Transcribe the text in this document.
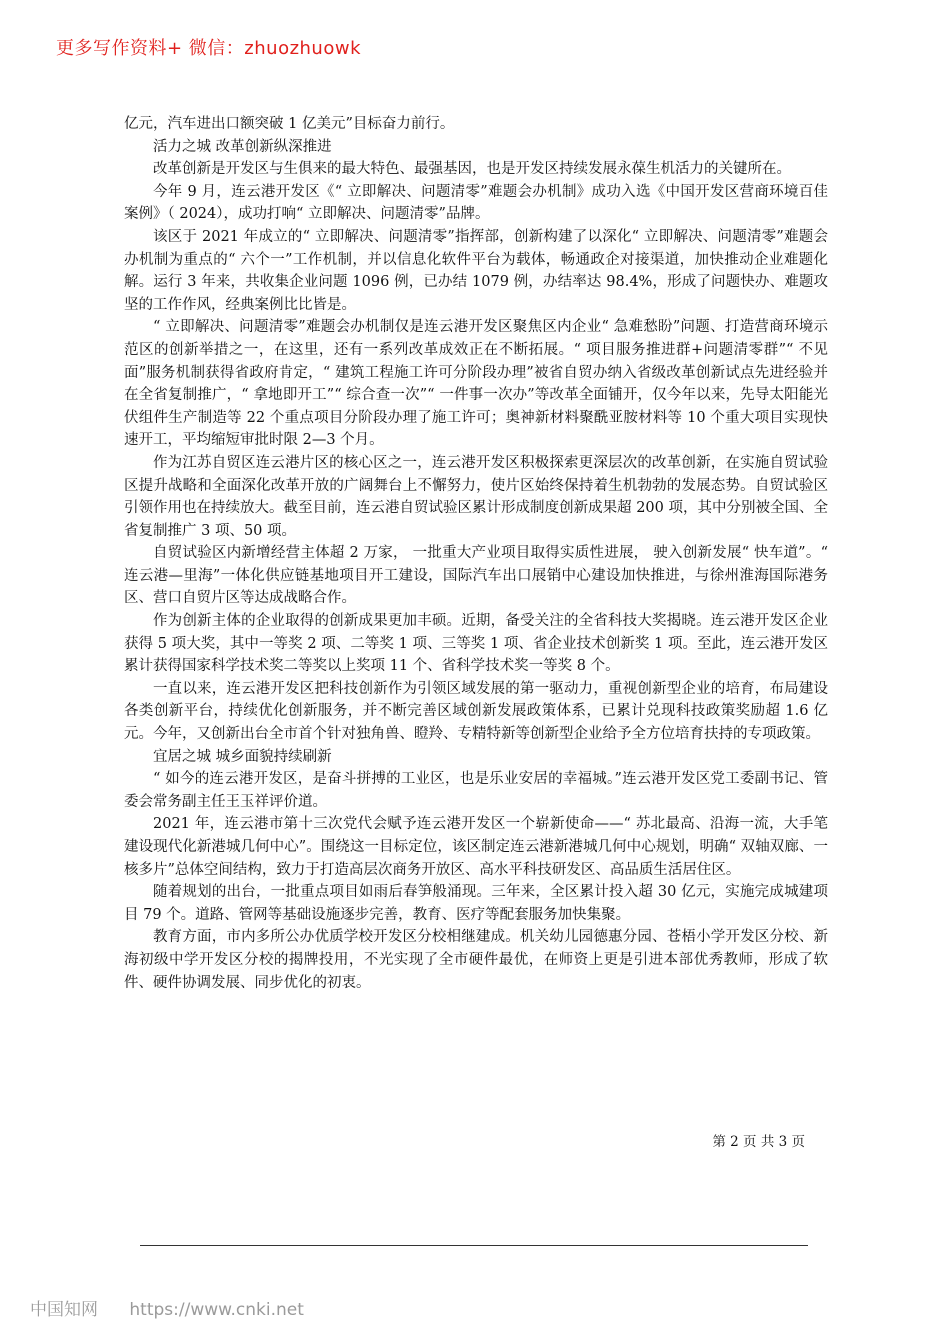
更多写作资料+ 微信：zhuozhuowk

亿元，汽车进出口额突破 1 亿美元”目标奋力前行。

活力之城 改革创新纵深推进

改革创新是开发区与生俱来的最大特色、最强基因，也是开发区持续发展永葆生机活力的关键所在。

今年 9 月，连云港开发区《“ 立即解决、问题清零”难题会办机制》成功入选《中国开发区营商环境百佳案例》（ 2024），成功打响“ 立即解决、问题清零”品牌。

该区于 2021 年成立的“ 立即解决、问题清零”指挥部，创新构建了以深化“ 立即解决、问题清零”难题会办机制为重点的“ 六个一”工作机制，并以信息化软件平台为载体，畅通政企对接渠道，加快推动企业难题化解。运行 3 年来，共收集企业问题 1096 例，已办结 1079 例，办结率达 98.4%，形成了问题快办、难题攻坚的工作作风，经典案例比比皆是。

“ 立即解决、问题清零”难题会办机制仅是连云港开发区聚焦区内企业“ 急难愁盼”问题、打造营商环境示范区的创新举措之一，在这里，还有一系列改革成效正在不断拓展。“ 项目服务推进群+问题清零群”“ 不见面”服务机制获得省政府肯定，“ 建筑工程施工许可分阶段办理”被省自贸办纳入省级改革创新试点先进经验并在全省复制推广，“ 拿地即开工”“ 综合查一次”“ 一件事一次办”等改革全面铺开，仅今年以来，先导太阳能光伏组件生产制造等 22 个重点项目分阶段办理了施工许可；奥神新材料聚酰亚胺材料等 10 个重大项目实现快速开工，平均缩短审批时限 2—3 个月。

作为江苏自贸区连云港片区的核心区之一，连云港开发区积极探索更深层次的改革创新，在实施自贸试验区提升战略和全面深化改革开放的广阔舞台上不懈努力，使片区始终保持着生机勃勃的发展态势。自贸试验区引领作用也在持续放大。截至目前，连云港自贸试验区累计形成制度创新成果超 200 项，其中分别被全国、全省复制推广 3 项、50 项。

自贸试验区内新增经营主体超 2 万家， 一批重大产业项目取得实质性进展， 驶入创新发展“ 快车道”。“ 连云港—里海”一体化供应链基地项目开工建设，国际汽车出口展销中心建设加快推进，与徐州淮海国际港务区、营口自贸片区等达成战略合作。

作为创新主体的企业取得的创新成果更加丰硕。近期，备受关注的全省科技大奖揭晓。连云港开发区企业获得 5 项大奖，其中一等奖 2 项、二等奖 1 项、三等奖 1 项、省企业技术创新奖 1 项。至此，连云港开发区累计获得国家科学技术奖二等奖以上奖项 11 个、省科学技术奖一等奖 8 个。

一直以来，连云港开发区把科技创新作为引领区域发展的第一驱动力，重视创新型企业的培育，布局建设各类创新平台，持续优化创新服务，并不断完善区域创新发展政策体系，已累计兑现科技政策奖励超 1.6 亿元。今年，又创新出台全市首个针对独角兽、瞪羚、专精特新等创新型企业给予全方位培育扶持的专项政策。

宜居之城 城乡面貌持续刷新

“ 如今的连云港开发区，是奋斗拼搏的工业区，也是乐业安居的幸福城。”连云港开发区党工委副书记、管委会常务副主任王玉祥评价道。

2021 年，连云港市第十三次党代会赋予连云港开发区一个崭新使命——“ 苏北最高、沿海一流，大手笔建设现代化新港城几何中心”。围绕这一目标定位，该区制定连云港新港城几何中心规划，明确“ 双轴双廊、一核多片”总体空间结构，致力于打造高层次商务开放区、高水平科技研发区、高品质生活居住区。

随着规划的出台，一批重点项目如雨后春笋般涌现。三年来，全区累计投入超 30 亿元，实施完成城建项目 79 个。道路、管网等基础设施逐步完善，教育、医疗等配套服务加快集聚。

教育方面，市内多所公办优质学校开发区分校相继建成。机关幼儿园德惠分园、苍梧小学开发区分校、新海初级中学开发区分校的揭牌投用，不光实现了全市硬件最优，在师资上更是引进本部优秀教师，形成了软件、硬件协调发展、同步优化的初衷。

第 2 页 共 3 页
中国知网 https://www.cnki.net
